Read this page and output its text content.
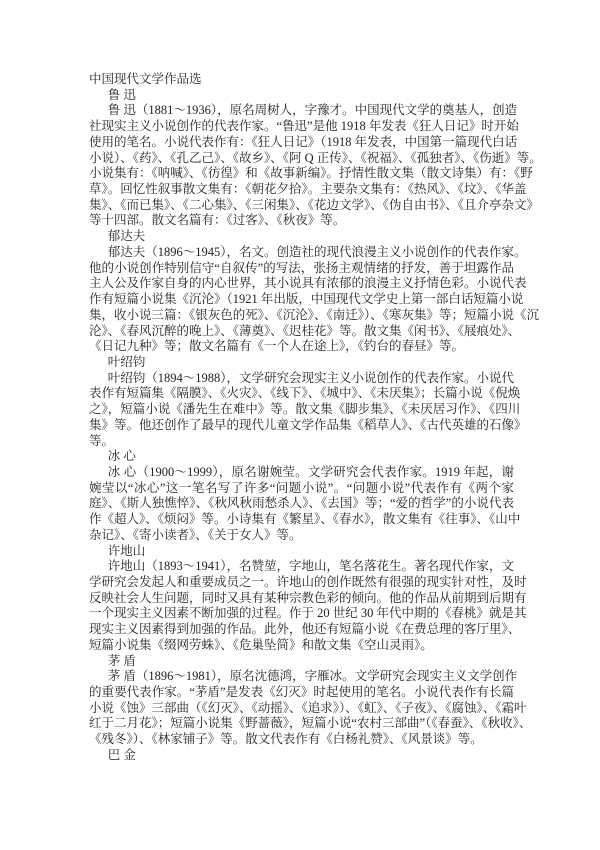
中国现代文学作品选
鲁 迅
鲁 迅（1881～1936），原名周树人，字豫才。中国现代文学的奠基人，创造
社现实主义小说创作的代表作家。“鲁迅”是他 1918 年发表《狂人日记》时开始
使用的笔名。小说代表作有：《狂人日记》（1918 年发表，中国第一篇现代白话
小说）、《药》、《孔乙己》、《故乡》、《阿 Q 正传》、《祝福》、《孤独者》、《伤逝》等。
小说集有：《呐喊》、《彷徨》和《故事新编》。抒情性散文集（散文诗集）有：《野
草》。回忆性叙事散文集有：《朝花夕拾》。主要杂文集有：《热风》、《坟》、《华盖
集》、《而已集》、《二心集》、《三闲集》、《花边文学》、《伪自由书》、《且介亭杂文》
等十四部。散文名篇有：《过客》、《秋夜》等。
郁达夫
郁达夫（1896～1945），名文。创造社的现代浪漫主义小说创作的代表作家。
他的小说创作特别信守“自叙传”的写法，张扬主观情绪的抒发，善于坦露作品
主人公及作家自身的内心世界，其小说具有浓郁的浪漫主义抒情色彩。小说代表
作有短篇小说集《沉沦》（1921 年出版，中国现代文学史上第一部白话短篇小说
集，收小说三篇：《银灰色的死》、《沉沦》、《南迁》）、《寒灰集》等；短篇小说《沉
沦》、《春风沉醉的晚上》、《薄奠》、《迟桂花》等。散文集《闲书》、《屐痕处》、
《日记九种》等；散文名篇有《一个人在途上》，《钓台的春昼》等。
叶绍钧
叶绍钧（1894～1988），文学研究会现实主义小说创作的代表作家。小说代
表作有短篇集《隔膜》、《火灾》、《线下》、《城中》、《未厌集》；长篇小说《倪焕
之》，短篇小说《潘先生在难中》等。散文集《脚步集》、《未厌居习作》、《四川
集》等。他还创作了最早的现代儿童文学作品集《稻草人》、《古代英雄的石像》
等。
冰 心
冰 心（1900～1999），原名谢婉莹。文学研究会代表作家。1919 年起，谢
婉莹以“冰心”这一笔名写了许多“问题小说”。“问题小说”代表作有《两个家
庭》、《斯人独憔悴》、《秋风秋雨愁杀人》、《去国》等；“爱的哲学”的小说代表
作《超人》、《烦闷》等。小诗集有《繁星》、《春水》，散文集有《往事》、《山中
杂记》、《寄小读者》、《关于女人》等。
许地山
许地山（1893～1941），名赞堃，字地山，笔名落花生。著名现代作家，文
学研究会发起人和重要成员之一。许地山的创作既然有很强的现实针对性，及时
反映社会人生问题，同时又具有某种宗教色彩的倾向。他的作品从前期到后期有
一个现实主义因素不断加强的过程。作于 20 世纪 30 年代中期的《春桃》就是其
现实主义因素得到加强的作品。此外，他还有短篇小说《在费总理的客厅里》、
短篇小说集《缀网劳蛛》、《危巢坠简》和散文集《空山灵雨》。
茅 盾
茅 盾（1896～1981），原名沈德鸿，字雁冰。文学研究会现实主义文学创作
的重要代表作家。“茅盾”是发表《幻灭》时起使用的笔名。小说代表作有长篇
小说《蚀》三部曲（《幻灭》、《动摇》、《追求》）、《虹》、《子夜》、《腐蚀》、《霜叶
红于二月花》；短篇小说集《野蔷薇》，短篇小说“农村三部曲”（《春蚕》、《秋收》、
《残冬》）、《林家铺子》等。散文代表作有《白杨礼赞》、《风景谈》等。
巴 金
